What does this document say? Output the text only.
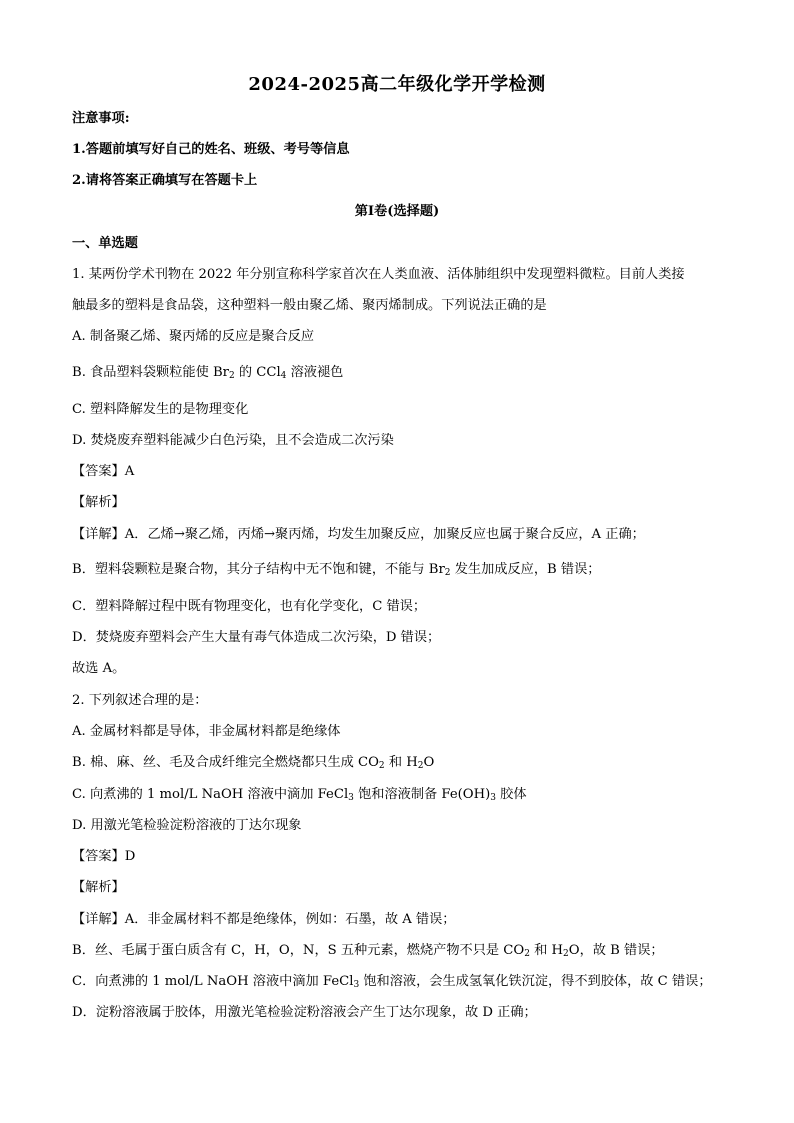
2024-2025高二年级化学开学检测
注意事项:
1.答题前填写好自己的姓名、班级、考号等信息
2.请将答案正确填写在答题卡上
第Ⅰ卷(选择题)
一、单选题
1. 某两份学术刊物在 2022 年分别宣称科学家首次在人类血液、活体肺组织中发现塑料微粒。目前人类接
触最多的塑料是食品袋，这种塑料一般由聚乙烯、聚丙烯制成。下列说法正确的是
A. 制备聚乙烯、聚丙烯的反应是聚合反应
B. 食品塑料袋颗粒能使 $Br_2$ 的 CCl$_4$ 溶液褪色
C. 塑料降解发生的是物理变化
D. 焚烧废弃塑料能减少白色污染，且不会造成二次污染
【答案】A
【解析】
【详解】A．乙烯→聚乙烯，丙烯→聚丙烯，均发生加聚反应，加聚反应也属于聚合反应，A 正确；
B．塑料袋颗粒是聚合物，其分子结构中无不饱和键，不能与 $Br_2$ 发生加成反应，B 错误；
C．塑料降解过程中既有物理变化，也有化学变化，C 错误；
D．焚烧废弃塑料会产生大量有毒气体造成二次污染，D 错误；
故选 A。
2. 下列叙述合理的是：
A. 金属材料都是导体，非金属材料都是绝缘体
B. 棉、麻、丝、毛及合成纤维完全燃烧都只生成 $CO_2$ 和 $H_2O$
C. 向煮沸的 1 mol/L NaOH 溶液中滴加 FeCl$_3$ 饱和溶液制备 $Fe(OH)_3$ 胶体
D. 用激光笔检验淀粉溶液的丁达尔现象
【答案】D
【解析】
【详解】A．非金属材料不都是绝缘体，例如：石墨，故 A 错误；
B．丝、毛属于蛋白质含有 C，H，O，N，S 五种元素，燃烧产物不只是 $CO_2$ 和 $H_2O$，故 B 错误；
C．向煮沸的 1 mol/L NaOH 溶液中滴加 FeCl$_3$ 饱和溶液，会生成氢氧化铁沉淀，得不到胶体，故 C 错误；
D．淀粉溶液属于胶体，用激光笔检验淀粉溶液会产生丁达尔现象，故 D 正确；
